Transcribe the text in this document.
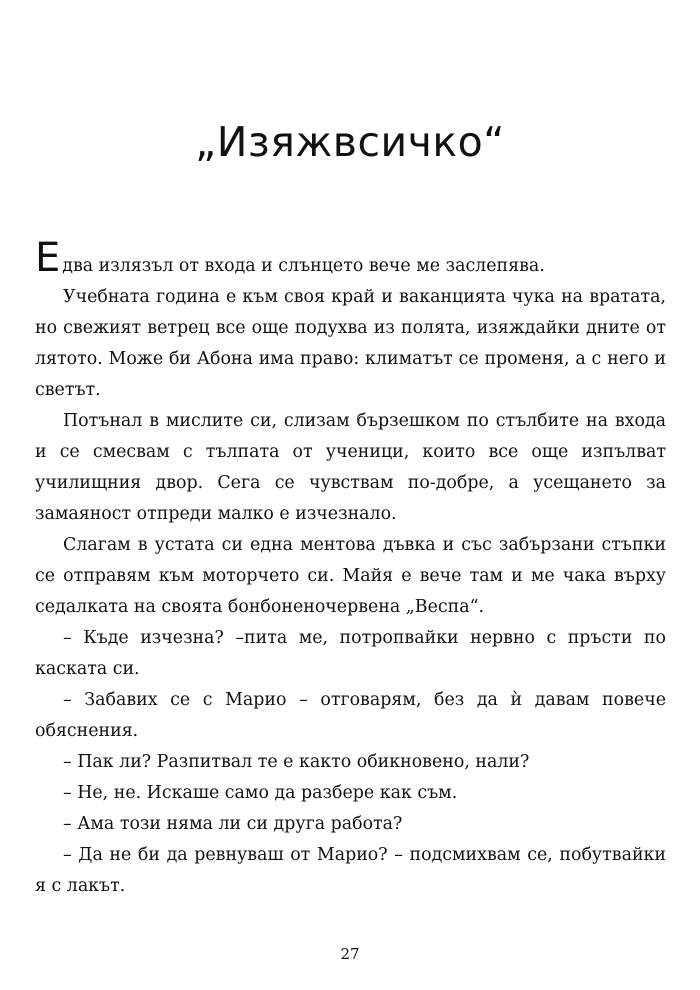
„Изяжвсичко“

Едва излязъл от входа и слънцето вече ме заслепява.

Учебната година е към своя край и ваканцията чука на вратата, но свежият ветрец все още подухва из полята, изяждайки дните от лятото. Може би Абона има право: климатът се променя, а с него и светът.

Потънал в мислите си, слизам бързешком по стълбите на входа и се смесвам с тълпата от ученици, които все още изпълват училищния двор. Сега се чувствам по-добре, а усещането за замаяност отпреди малко е изчезнало.

Слагам в устата си една ментова дъвка и със забързани стъпки се отправям към моторчето си. Майя е вече там и ме чака върху седалката на своята бонбоненочервена „Веспа“.

– Къде изчезна? –пита ме, потропвайки нервно с пръсти по каската си.

– Забавих се с Марио – отговарям, без да ѝ давам повече обяснения.

– Пак ли? Разпитвал те е както обикновено, нали?

– Не, не. Искаше само да разбере как съм.

– Ама този няма ли си друга работа?

– Да не би да ревнуваш от Марио? – подсмихвам се, побутвайки я с лакът.

27
